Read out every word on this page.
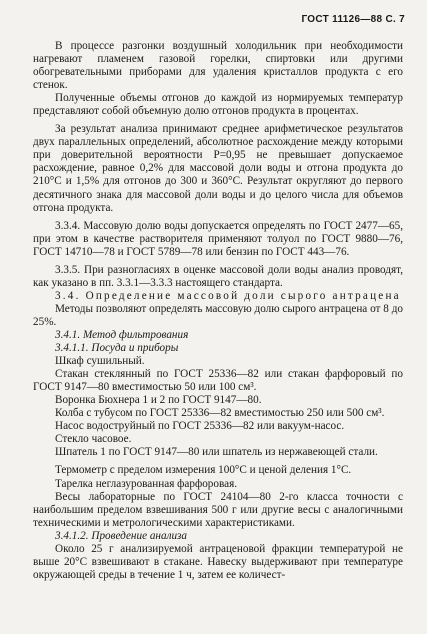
ГОСТ 11126—88 С. 7

В процессе разгонки воздушный холодильник при необходимости нагревают пламенем газовой горелки, спиртовки или другими обогревательными приборами для удаления кристаллов продукта с его стенок.

Полученные объемы отгонов до каждой из нормируемых температур представляют собой объемную долю отгонов продукта в процентах.

За результат анализа принимают среднее арифметическое результатов двух параллельных определений, абсолютное расхождение между которыми при доверительной вероятности P=0,95 не превышает допускаемое расхождение, равное 0,2% для массовой доли воды и отгона продукта до 210°С и 1,5% для отгонов до 300 и 360°С. Результат округляют до первого десятичного знака для массовой доли воды и до целого числа для объемов отгона продукта.

3.3.4. Массовую долю воды допускается определять по ГОСТ 2477—65, при этом в качестве растворителя применяют толуол по ГОСТ 9880—76, ГОСТ 14710—78 и ГОСТ 5789—78 или бензин по ГОСТ 443—76.

3.3.5. При разногласиях в оценке массовой доли воды анализ проводят, как указано в пп. 3.3.1—3.3.3 настоящего стандарта.

3.4. Определение массовой доли сырого антрацена

Методы позволяют определять массовую долю сырого антрацена от 8 до 25%.

3.4.1. Метод фильтрования

3.4.1.1. Посуда и приборы

Шкаф сушильный.

Стакан стеклянный по ГОСТ 25336—82 или стакан фарфоровый по ГОСТ 9147—80 вместимостью 50 или 100 см³.

Воронка Бюхнера 1 и 2 по ГОСТ 9147—80.

Колба с тубусом по ГОСТ 25336—82 вместимостью 250 или 500 см³.

Насос водоструйный по ГОСТ 25336—82 или вакуум-насос.

Стекло часовое.

Шпатель 1 по ГОСТ 9147—80 или шпатель из нержавеющей стали.

Термометр с пределом измерения 100°С и ценой деления 1°С.

Тарелка неглазурованная фарфоровая.

Весы лабораторные по ГОСТ 24104—80 2-го класса точности с наибольшим пределом взвешивания 500 г или другие весы с аналогичными техническими и метрологическими характеристиками.

3.4.1.2. Проведение анализа

Около 25 г анализируемой антраценовой фракции температурой не выше 20°С взвешивают в стакане. Навеску выдерживают при температуре окружающей среды в течение 1 ч, затем ее количест-
